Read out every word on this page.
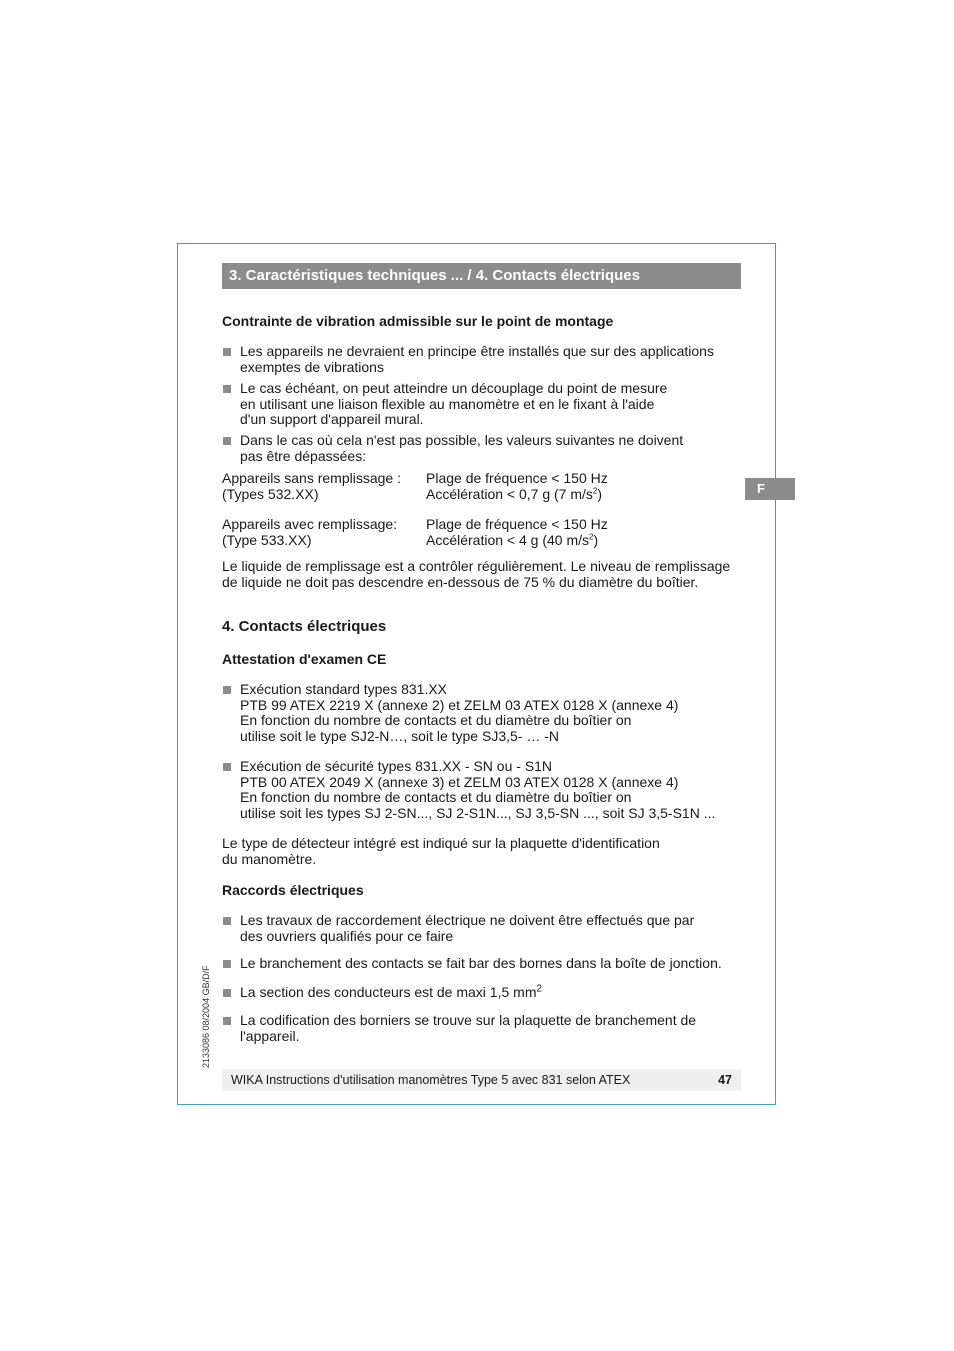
3. Caractéristiques techniques ... / 4. Contacts électriques
F
Contrainte de vibration admissible sur le point de montage
Les appareils ne devraient en principe être installés que sur des applications
exemptes de vibrations
Le cas échéant, on peut atteindre un découplage du point de mesure
en utilisant une liaison flexible au manomètre et en le fixant à l'aide
d'un support d'appareil mural.
Dans le cas où cela n'est pas possible, les valeurs suivantes ne doivent
pas être dépassées:
Appareils sans remplissage :
(Types 532.XX)
Plage de fréquence < 150 Hz
Accélération < 0,7 g (7 $m/s^2$)
Appareils avec remplissage:
(Type 533.XX)
Plage de fréquence < 150 Hz
Accélération < 4 g (40 $m/s^2$)
Le liquide de remplissage est a contrôler régulièrement. Le niveau de remplissage
de liquide ne doit pas descendre en-dessous de 75 % du diamètre du boîtier.
4. Contacts électriques
Attestation d'examen CE
Exécution standard types 831.XX
PTB 99 ATEX 2219 X (annexe 2) et ZELM 03 ATEX 0128 X (annexe 4)
En fonction du nombre de contacts et du diamètre du boîtier on
utilise soit le type SJ2-N…, soit le type SJ3,5- … -N
Exécution de sécurité types 831.XX - SN ou - S1N
PTB 00 ATEX 2049 X (annexe 3) et ZELM 03 ATEX 0128 X (annexe 4)
En fonction du nombre de contacts et du diamètre du boîtier on
utilise soit les types SJ 2-SN..., SJ 2-S1N..., SJ 3,5-SN ..., soit SJ 3,5-S1N ...
Le type de détecteur intégré est indiqué sur la plaquette d'identification
du manomètre.
Raccords électriques
Les travaux de raccordement électrique ne doivent être effectués que par
des ouvriers qualifiés pour ce faire
Le branchement des contacts se fait bar des bornes dans la boîte de jonction.
La section des conducteurs est de maxi 1,5 $mm^2$
La codification des borniers se trouve sur la plaquette de branchement de
l'appareil.
2133086 08/2004 GB/D/F
WIKA Instructions d'utilisation manomètres Type 5 avec 831 selon ATEX	47
